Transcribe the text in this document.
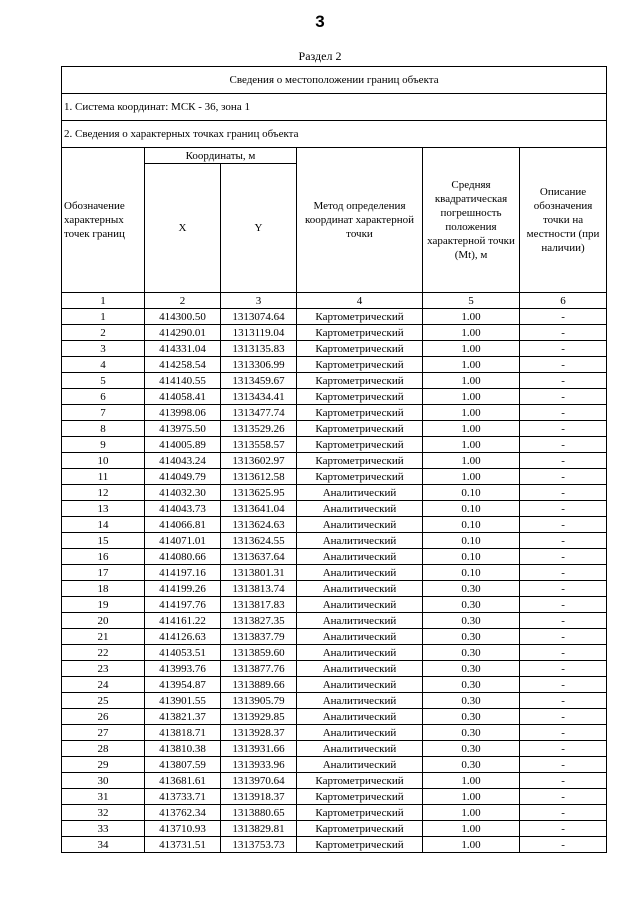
3
Раздел 2
Сведения о местоположении границ объекта					
1. Система координат: МСК - 36, зона 1					
2. Сведения о характерных точках границ объекта					
Обозначение характерных точек границ	Координаты, м		Метод определения координат характерной точки	Средняя квадратическая погрешность положения характерной точки (Mt), м	Описание обозначения точки на местности (при наличии)
	X	Y			
1	2	3	4	5	6
1	414300.50	1313074.64	Картометрический	1.00	-
2	414290.01	1313119.04	Картометрический	1.00	-
3	414331.04	1313135.83	Картометрический	1.00	-
4	414258.54	1313306.99	Картометрический	1.00	-
5	414140.55	1313459.67	Картометрический	1.00	-
6	414058.41	1313434.41	Картометрический	1.00	-
7	413998.06	1313477.74	Картометрический	1.00	-
8	413975.50	1313529.26	Картометрический	1.00	-
9	414005.89	1313558.57	Картометрический	1.00	-
10	414043.24	1313602.97	Картометрический	1.00	-
11	414049.79	1313612.58	Картометрический	1.00	-
12	414032.30	1313625.95	Аналитический	0.10	-
13	414043.73	1313641.04	Аналитический	0.10	-
14	414066.81	1313624.63	Аналитический	0.10	-
15	414071.01	1313624.55	Аналитический	0.10	-
16	414080.66	1313637.64	Аналитический	0.10	-
17	414197.16	1313801.31	Аналитический	0.10	-
18	414199.26	1313813.74	Аналитический	0.30	-
19	414197.76	1313817.83	Аналитический	0.30	-
20	414161.22	1313827.35	Аналитический	0.30	-
21	414126.63	1313837.79	Аналитический	0.30	-
22	414053.51	1313859.60	Аналитический	0.30	-
23	413993.76	1313877.76	Аналитический	0.30	-
24	413954.87	1313889.66	Аналитический	0.30	-
25	413901.55	1313905.79	Аналитический	0.30	-
26	413821.37	1313929.85	Аналитический	0.30	-
27	413818.71	1313928.37	Аналитический	0.30	-
28	413810.38	1313931.66	Аналитический	0.30	-
29	413807.59	1313933.96	Аналитический	0.30	-
30	413681.61	1313970.64	Картометрический	1.00	-
31	413733.71	1313918.37	Картометрический	1.00	-
32	413762.34	1313880.65	Картометрический	1.00	-
33	413710.93	1313829.81	Картометрический	1.00	-
34	413731.51	1313753.73	Картометрический	1.00	-
